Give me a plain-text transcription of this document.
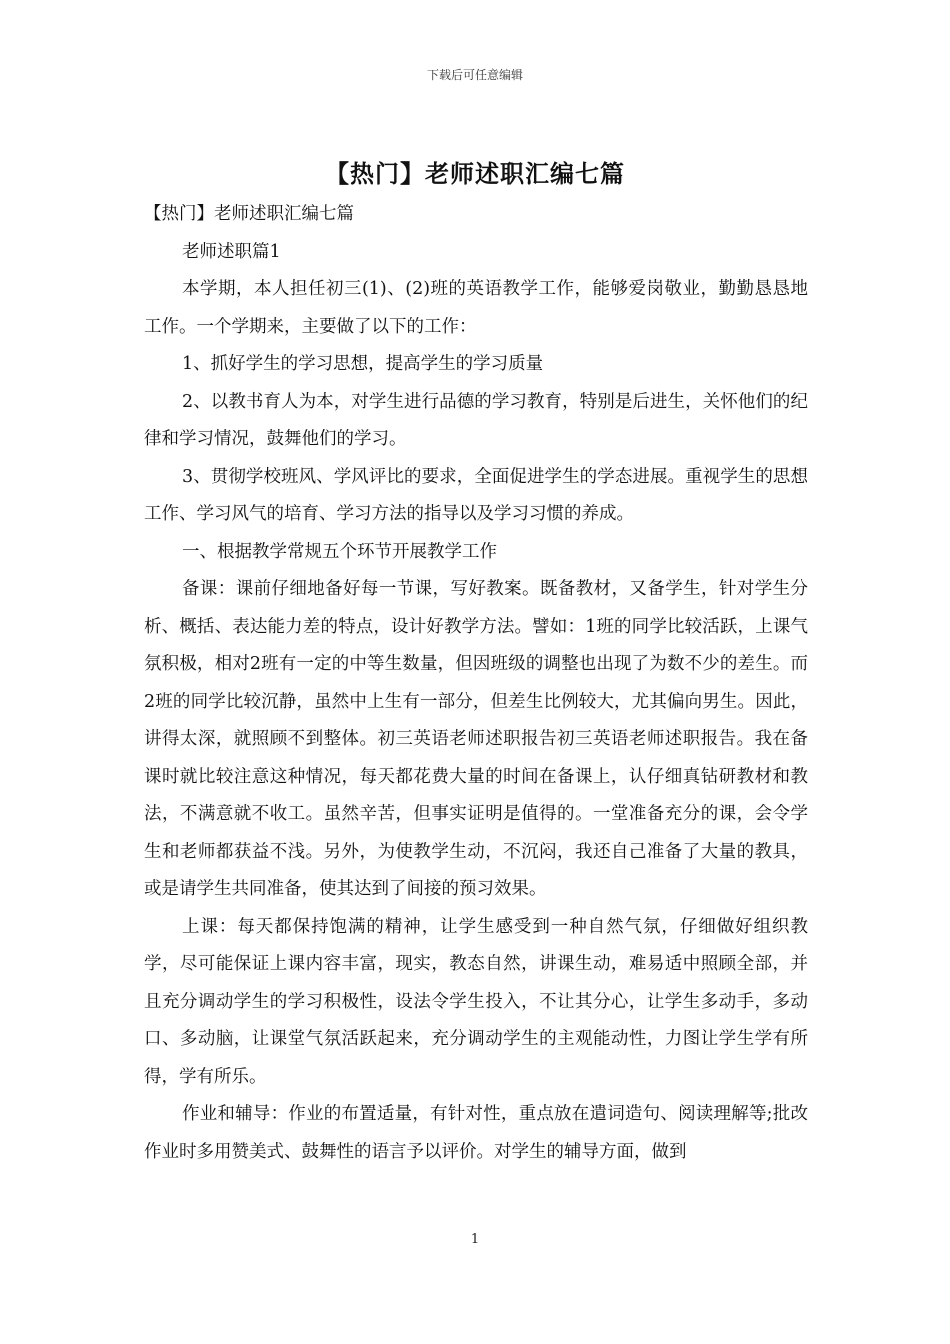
下载后可任意编辑
【热门】老师述职汇编七篇

【热门】老师述职汇编七篇

老师述职篇1

本学期，本人担任初三(1)、(2)班的英语教学工作，能够爱岗敬业，勤勤恳恳地工作。一个学期来，主要做了以下的工作：

1、抓好学生的学习思想，提高学生的学习质量

2、以教书育人为本，对学生进行品德的学习教育，特别是后进生，关怀他们的纪律和学习情况，鼓舞他们的学习。

3、贯彻学校班风、学风评比的要求，全面促进学生的学态进展。重视学生的思想工作、学习风气的培育、学习方法的指导以及学习习惯的养成。

一、根据教学常规五个环节开展教学工作

备课：课前仔细地备好每一节课，写好教案。既备教材，又备学生，针对学生分析、概括、表达能力差的特点，设计好教学方法。譬如：1班的同学比较活跃，上课气氛积极，相对2班有一定的中等生数量，但因班级的调整也出现了为数不少的差生。而2班的同学比较沉静，虽然中上生有一部分，但差生比例较大，尤其偏向男生。因此，讲得太深，就照顾不到整体。初三英语老师述职报告初三英语老师述职报告。我在备课时就比较注意这种情况，每天都花费大量的时间在备课上，认仔细真钻研教材和教法，不满意就不收工。虽然辛苦，但事实证明是值得的。一堂准备充分的课，会令学生和老师都获益不浅。另外，为使教学生动，不沉闷，我还自己准备了大量的教具，或是请学生共同准备，使其达到了间接的预习效果。

上课：每天都保持饱满的精神，让学生感受到一种自然气氛，仔细做好组织教学，尽可能保证上课内容丰富，现实，教态自然，讲课生动，难易适中照顾全部，并且充分调动学生的学习积极性，设法令学生投入，不让其分心，让学生多动手，多动口、多动脑，让课堂气氛活跃起来，充分调动学生的主观能动性，力图让学生学有所得，学有所乐。

作业和辅导：作业的布置适量，有针对性，重点放在遣词造句、阅读理解等;批改作业时多用赞美式、鼓舞性的语言予以评价。对学生的辅导方面，做到

1
